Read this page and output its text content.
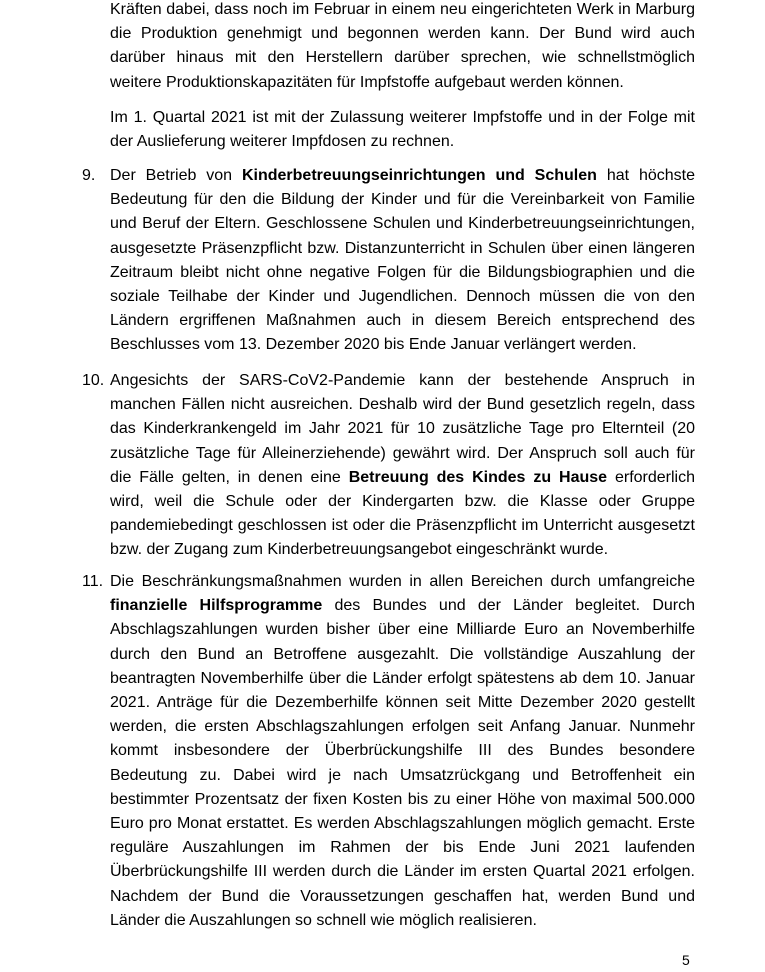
Kräften dabei, dass noch im Februar in einem neu eingerichteten Werk in Marburg die Produktion genehmigt und begonnen werden kann. Der Bund wird auch darüber hinaus mit den Herstellern darüber sprechen, wie schnellstmöglich weitere Produktionskapazitäten für Impfstoffe aufgebaut werden können.

Im 1. Quartal 2021 ist mit der Zulassung weiterer Impfstoffe und in der Folge mit der Auslieferung weiterer Impfdosen zu rechnen.

9. Der Betrieb von Kinderbetreuungseinrichtungen und Schulen hat höchste Bedeutung für den die Bildung der Kinder und für die Vereinbarkeit von Familie und Beruf der Eltern. Geschlossene Schulen und Kinderbetreuungseinrichtungen, ausgesetzte Präsenzpflicht bzw. Distanzunterricht in Schulen über einen längeren Zeitraum bleibt nicht ohne negative Folgen für die Bildungsbiographien und die soziale Teilhabe der Kinder und Jugendlichen. Dennoch müssen die von den Ländern ergriffenen Maßnahmen auch in diesem Bereich entsprechend des Beschlusses vom 13. Dezember 2020 bis Ende Januar verlängert werden.

10. Angesichts der SARS-CoV2-Pandemie kann der bestehende Anspruch in manchen Fällen nicht ausreichen. Deshalb wird der Bund gesetzlich regeln, dass das Kinderkrankengeld im Jahr 2021 für 10 zusätzliche Tage pro Elternteil (20 zusätzliche Tage für Alleinerziehende) gewährt wird. Der Anspruch soll auch für die Fälle gelten, in denen eine Betreuung des Kindes zu Hause erforderlich wird, weil die Schule oder der Kindergarten bzw. die Klasse oder Gruppe pandemiebedingt geschlossen ist oder die Präsenzpflicht im Unterricht ausgesetzt bzw. der Zugang zum Kinderbetreuungsangebot eingeschränkt wurde.

11. Die Beschränkungsmaßnahmen wurden in allen Bereichen durch umfangreiche finanzielle Hilfsprogramme des Bundes und der Länder begleitet. Durch Abschlagszahlungen wurden bisher über eine Milliarde Euro an Novemberhilfe durch den Bund an Betroffene ausgezahlt. Die vollständige Auszahlung der beantragten Novemberhilfe über die Länder erfolgt spätestens ab dem 10. Januar 2021. Anträge für die Dezemberhilfe können seit Mitte Dezember 2020 gestellt werden, die ersten Abschlagszahlungen erfolgen seit Anfang Januar. Nunmehr kommt insbesondere der Überbrückungshilfe III des Bundes besondere Bedeutung zu. Dabei wird je nach Umsatzrückgang und Betroffenheit ein bestimmter Prozentsatz der fixen Kosten bis zu einer Höhe von maximal 500.000 Euro pro Monat erstattet. Es werden Abschlagszahlungen möglich gemacht. Erste reguläre Auszahlungen im Rahmen der bis Ende Juni 2021 laufenden Überbrückungshilfe III werden durch die Länder im ersten Quartal 2021 erfolgen. Nachdem der Bund die Voraussetzungen geschaffen hat, werden Bund und Länder die Auszahlungen so schnell wie möglich realisieren.

5
